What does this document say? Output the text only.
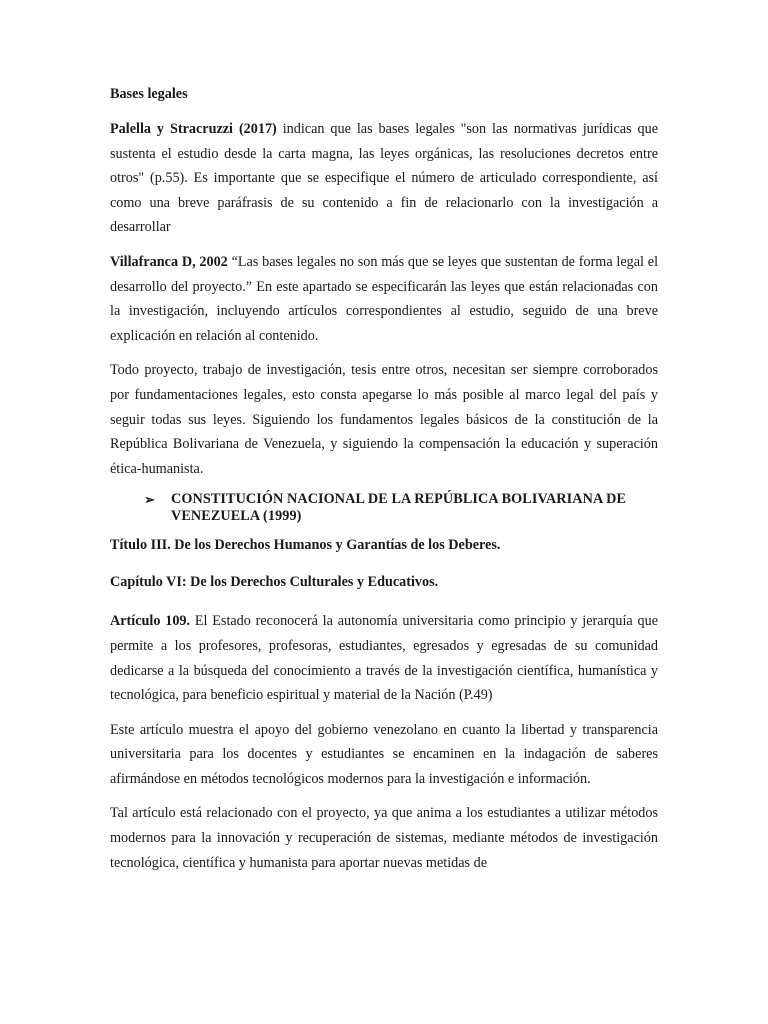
Bases legales

Palella y Stracruzzi (2017) indican que las bases legales "son las normativas jurídicas que sustenta el estudio desde la carta magna, las leyes orgánicas, las resoluciones decretos entre otros" (p.55). Es importante que se especifique el número de articulado correspondiente, así como una breve paráfrasis de su contenido a fin de relacionarlo con la investigación a desarrollar

Villafranca D, 2002 “Las bases legales no son más que se leyes que sustentan de forma legal el desarrollo del proyecto.” En este apartado se especificarán las leyes que están relacionadas con la investigación, incluyendo artículos correspondientes al estudio, seguido de una breve explicación en relación al contenido.

Todo proyecto, trabajo de investigación, tesis entre otros, necesitan ser siempre corroborados por fundamentaciones legales, esto consta apegarse lo más posible al marco legal del país y seguir todas sus leyes. Siguiendo los fundamentos legales básicos de la constitución de la República Bolivariana de Venezuela, y siguiendo la compensación la educación y superación ética-humanista.

➢	CONSTITUCIÓN NACIONAL DE LA REPÚBLICA BOLIVARIANA DE VENEZUELA (1999)

Título III. De los Derechos Humanos y Garantías de los Deberes.

Capítulo VI: De los Derechos Culturales y Educativos.

Artículo 109. El Estado reconocerá la autonomía universitaria como principio y jerarquía que permite a los profesores, profesoras, estudiantes, egresados y egresadas de su comunidad dedicarse a la búsqueda del conocimiento a través de la investigación científica, humanística y tecnológica, para beneficio espiritual y material de la Nación (P.49)

Este artículo muestra el apoyo del gobierno venezolano en cuanto la libertad y transparencia universitaria para los docentes y estudiantes se encaminen en la indagación de saberes afirmándose en métodos tecnológicos modernos para la investigación e información.

Tal artículo está relacionado con el proyecto, ya que anima a los estudiantes a utilizar métodos modernos para la innovación y recuperación de sistemas, mediante métodos de investigación tecnológica, científica y humanista para aportar nuevas metidas de
